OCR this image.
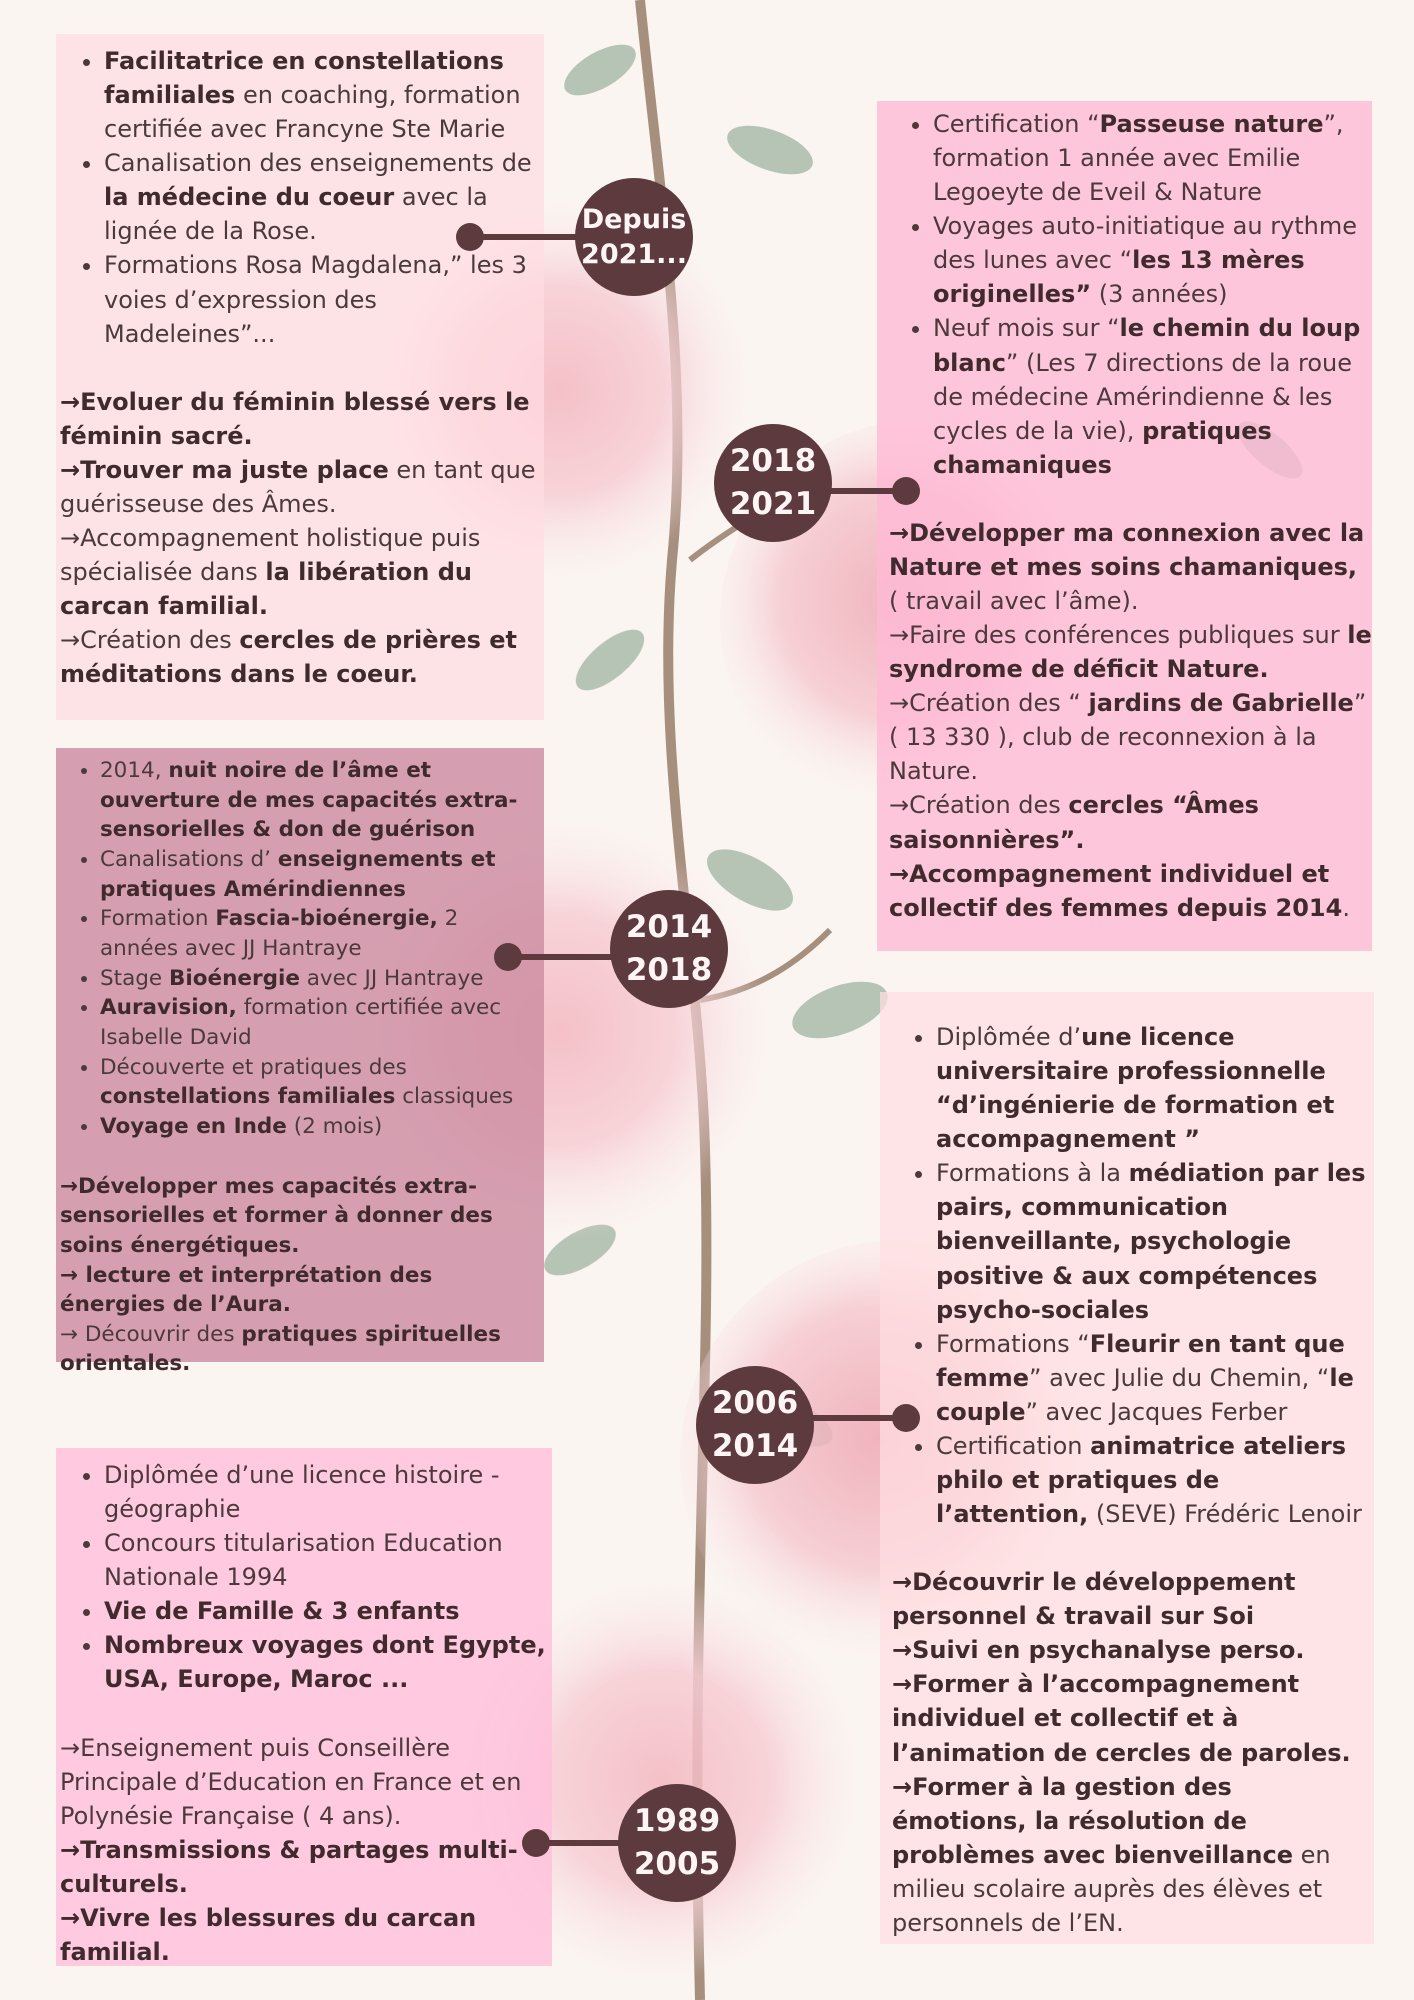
• Facilitatrice en constellations familiales en coaching, formation certifiée avec Francyne Ste Marie
• Canalisation des enseignements de la médecine du coeur avec la lignée de la Rose.
• Formations Rosa Magdalena,” les 3 voies d’expression des Madeleines”...

→Evoluer du féminin blessé vers le féminin sacré.

→Trouver ma juste place en tant que guérisseuse des Âmes.

→Accompagnement holistique puis spécialisée dans la libération du carcan familial.

→Création des cercles de prières et méditations dans le coeur.

• Certification “Passeuse nature”, formation 1 année avec Emilie Legoeyte de Eveil & Nature
• Voyages auto-initiatique au rythme des lunes avec “les 13 mères originelles” (3 années)
• Neuf mois sur “le chemin du loup blanc” (Les 7 directions de la roue de médecine Amérindienne & les cycles de la vie), pratiques chamaniques

→Développer ma connexion avec la Nature et mes soins chamaniques, ( travail avec l’âme).

→Faire des conférences publiques sur le syndrome de déficit Nature.

→Création des “ jardins de Gabrielle” ( 13 330 ), club de reconnexion à la Nature.

→Création des cercles “Âmes saisonnières”.

→Accompagnement individuel et collectif des femmes depuis 2014.

• 2014, nuit noire de l’âme et ouverture de mes capacités extra-sensorielles & don de guérison
• Canalisations d’ enseignements et pratiques Amérindiennes
• Formation Fascia-bioénergie, 2 années avec JJ Hantraye
• Stage Bioénergie avec JJ Hantraye
• Auravision, formation certifiée avec Isabelle David
• Découverte et pratiques des constellations familiales classiques
• Voyage en Inde (2 mois)

→Développer mes capacités extra-sensorielles et former à donner des soins énergétiques.

→ lecture et interprétation des énergies de l’Aura.

→ Découvrir des pratiques spirituelles orientales.

• Diplômée d’une licence universitaire professionnelle “d’ingénierie de formation et accompagnement ”
• Formations à la médiation par les pairs, communication bienveillante, psychologie positive & aux compétences psycho-sociales
• Formations “Fleurir en tant que femme” avec Julie du Chemin, “le couple” avec Jacques Ferber
• Certification animatrice ateliers philo et pratiques de l’attention, (SEVE) Frédéric Lenoir

→Découvrir le développement personnel & travail sur Soi

→Suivi en psychanalyse perso.

→Former à l’accompagnement individuel et collectif et à l’animation de cercles de paroles.

→Former à la gestion des émotions, la résolution de problèmes avec bienveillance en milieu scolaire auprès des élèves et personnels de l’EN.

• Diplômée d’une licence histoire - géographie
• Concours titularisation Education Nationale 1994
• Vie de Famille & 3 enfants
• Nombreux voyages dont Egypte, USA, Europe, Maroc ...

→Enseignement puis Conseillère Principale d’Education en France et en Polynésie Française ( 4 ans).

→Transmissions & partages multi-culturels.

→Vivre les blessures du carcan familial.

Depuis
2021...
2018
2021
2014
2018
2006
2014
1989
2005
